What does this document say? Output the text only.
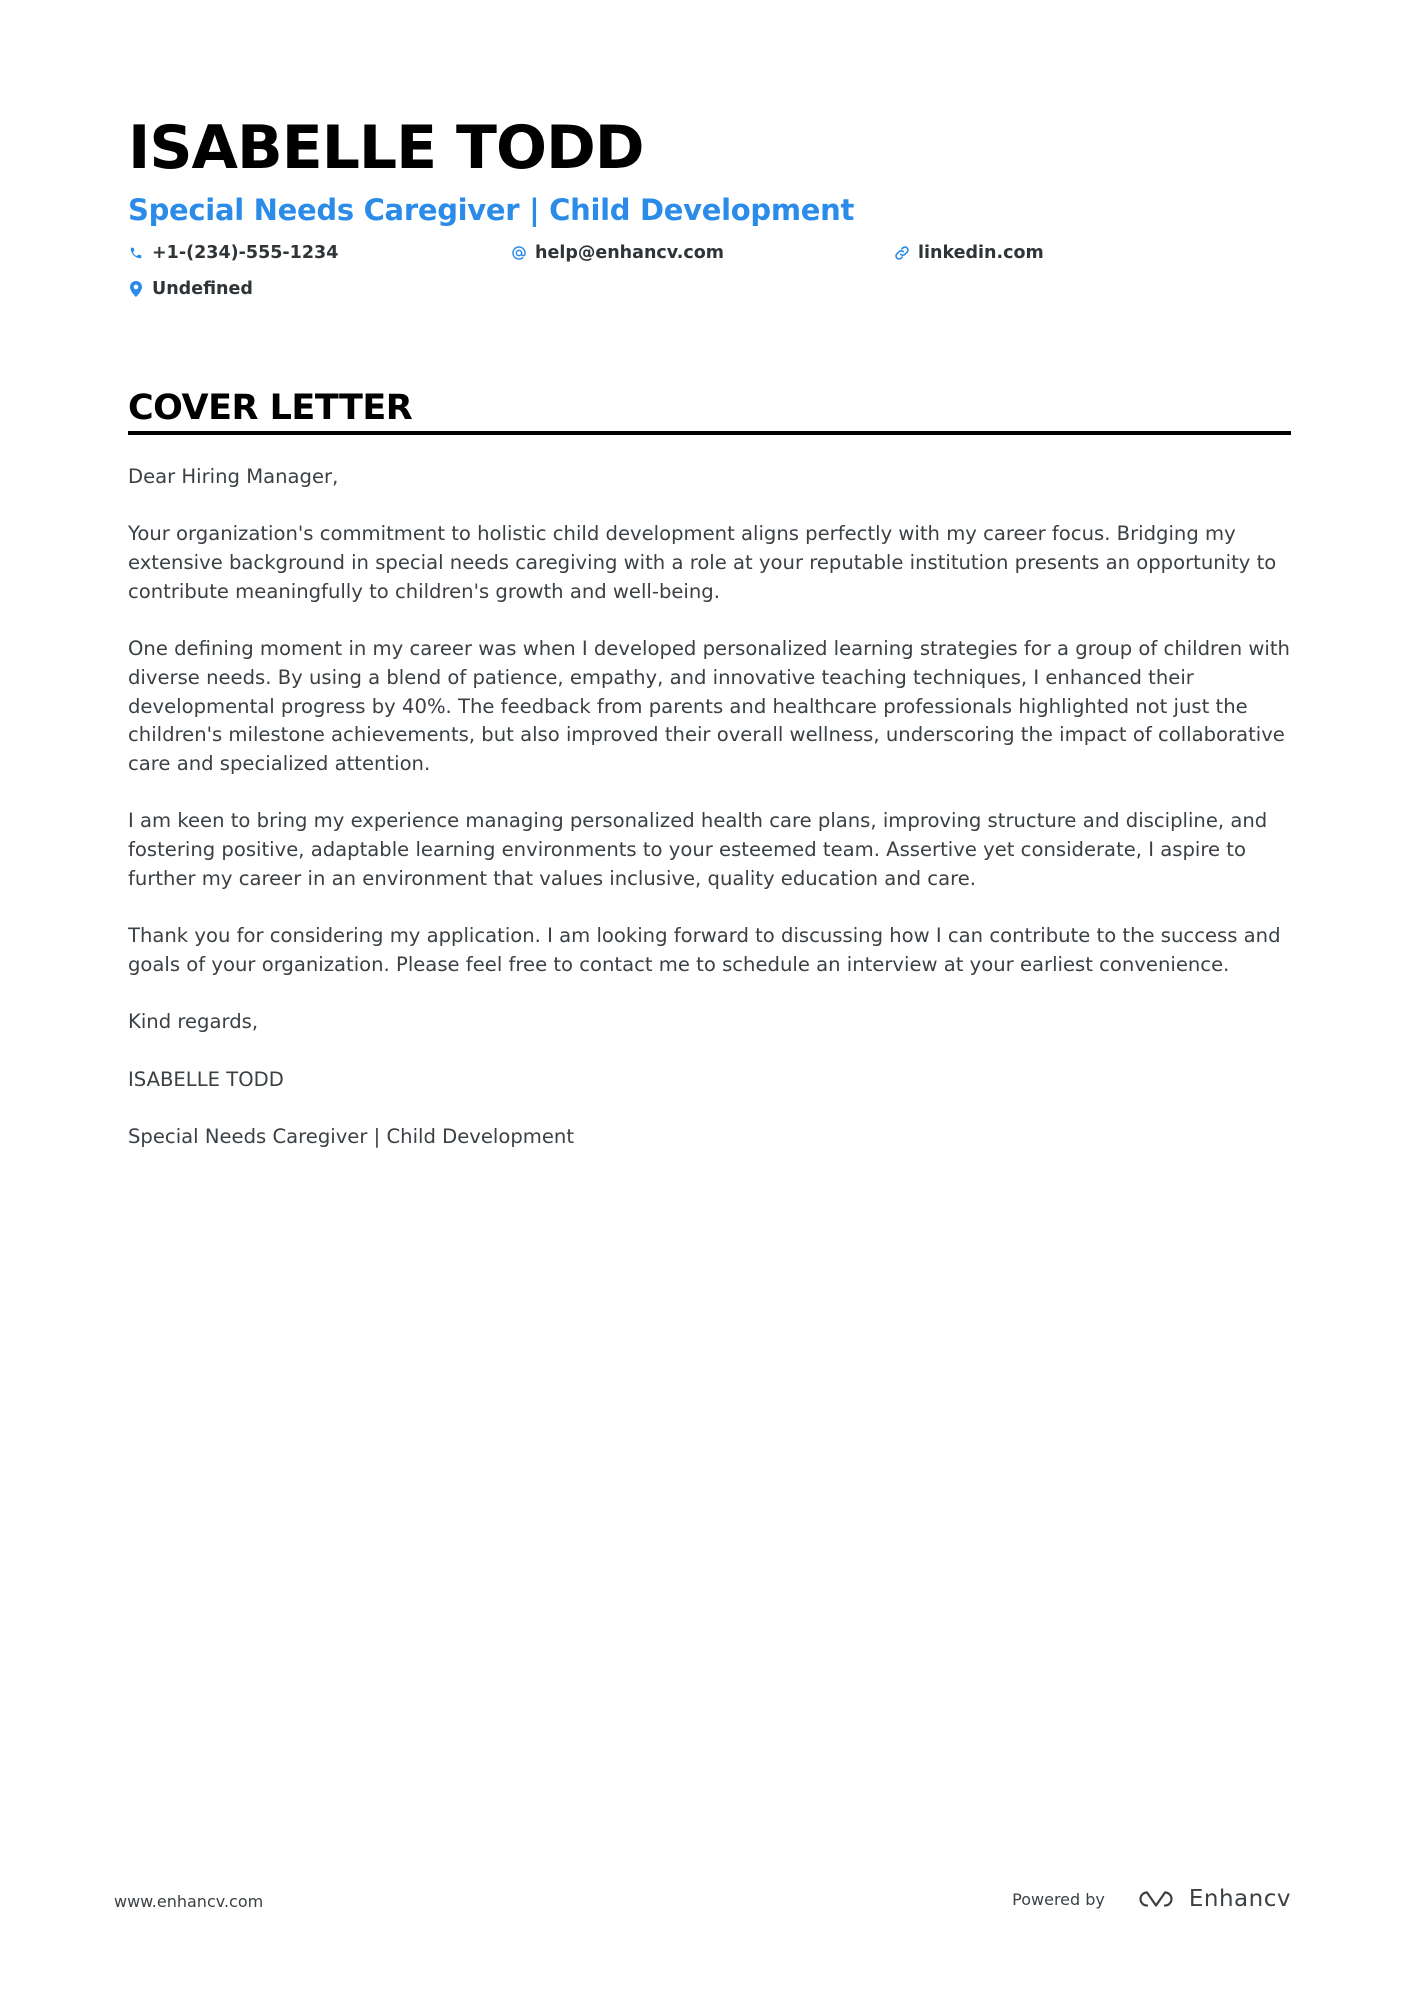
ISABELLE TODD
Special Needs Caregiver | Child Development
+1-(234)-555-1234	help@enhancv.com	linkedin.com
Undefined
COVER LETTER

Dear Hiring Manager,

Your organization's commitment to holistic child development aligns perfectly with my career focus. Bridging my extensive background in special needs caregiving with a role at your reputable institution presents an opportunity to contribute meaningfully to children's growth and well-being.

One defining moment in my career was when I developed personalized learning strategies for a group of children with diverse needs. By using a blend of patience, empathy, and innovative teaching techniques, I enhanced their developmental progress by 40%. The feedback from parents and healthcare professionals highlighted not just the children's milestone achievements, but also improved their overall wellness, underscoring the impact of collaborative care and specialized attention.

I am keen to bring my experience managing personalized health care plans, improving structure and discipline, and fostering positive, adaptable learning environments to your esteemed team. Assertive yet considerate, I aspire to further my career in an environment that values inclusive, quality education and care.

Thank you for considering my application. I am looking forward to discussing how I can contribute to the success and goals of your organization. Please feel free to contact me to schedule an interview at your earliest convenience.

Kind regards,

ISABELLE TODD

Special Needs Caregiver | Child Development

www.enhancv.com	Powered by	Enhancv
